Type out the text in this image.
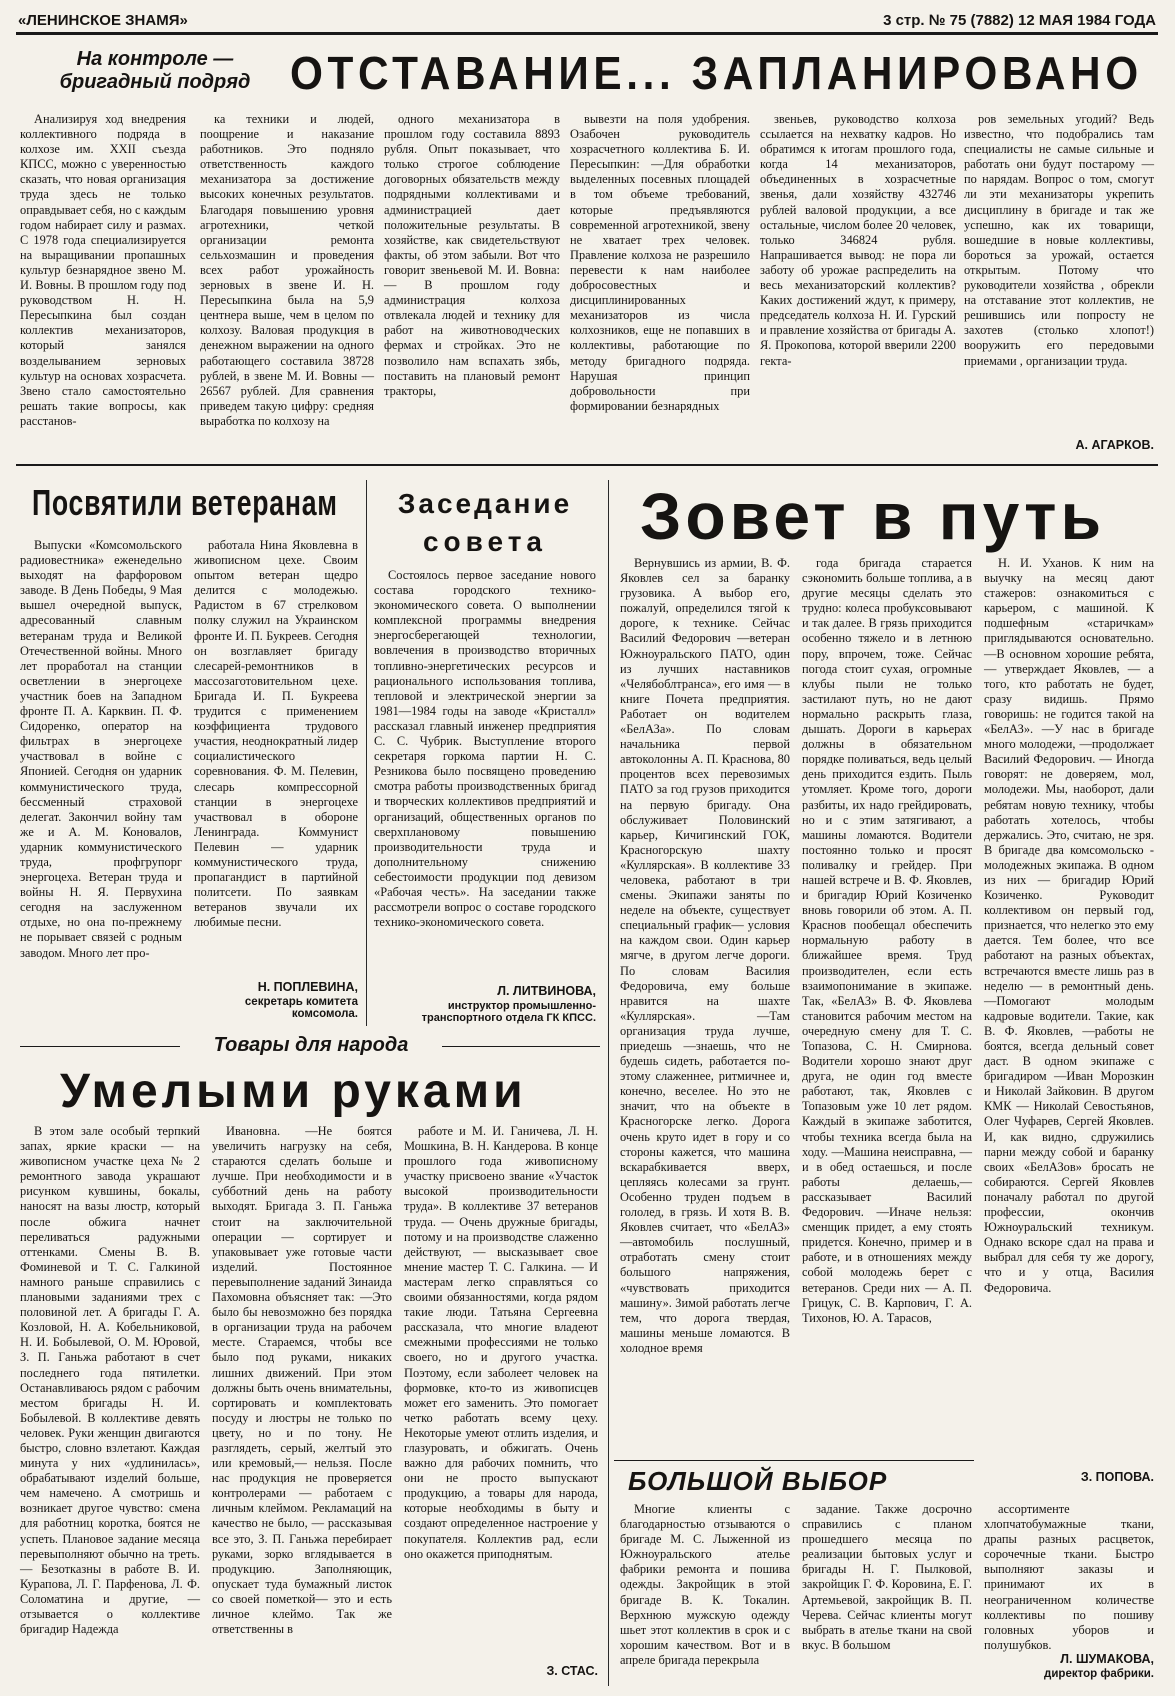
«ЛЕНИНСКОЕ ЗНАМЯ»	3 стр. № 75 (7882) 12 МАЯ 1984 ГОДА
На контроле — бригадный подряд ОТСТАВАНИЕ... ЗАПЛАНИРОВАНО

Анализируя ход внедрения коллективного подряда в колхозе им. XXII съезда КПСС, можно с уверенностью сказать, что новая организация труда здесь не только оправдывает себя, но с каждым годом набирает силу и размах. С 1978 года специализируется на выращивании пропашных культур безнарядное звено М. И. Вовны. В прошлом году под руководством Н. Н. Пересыпкина был создан коллектив механизаторов, который занялся возделыванием зерновых культур на основах хозрасчета. Звено стало самостоятельно решать такие вопросы, как расстанов-

ка техники и людей, поощрение и наказание работников. Это подняло ответственность каждого механизатора за достижение высоких конечных результатов. Благодаря повышению уровня агротехники, четкой организации ремонта сельхозмашин и проведения всех работ урожайность зерновых в звене И. Н. Пересыпкина была на 5,9 центнера выше, чем в целом по колхозу. Валовая продукция в денежном выражении на одного работающего составила 38728 рублей, в звене М. И. Вовны —26567 рублей. Для сравнения приведем такую цифру: средняя выработка по колхозу на

одного механизатора в прошлом году составила 8893 рубля. Опыт показывает, что только строгое соблюдение договорных обязательств между подрядными коллективами и администрацией дает положительные результаты. В хозяйстве, как свидетельствуют факты, об этом забыли. Вот что говорит звеньевой М. И. Вовна: — В прошлом году администрация колхоза отвлекала людей и технику для работ на животноводческих фермах и стройках. Это не позволило нам вспахать зябь, поставить на плановый ремонт тракторы,

вывезти на поля удобрения. Озабочен руководитель хозрасчетного коллектива Б. И. Пересыпкин: —Для обработки выделенных посевных площадей в том объеме требований, которые предъявляются современной агротехникой, звену не хватает трех человек. Правление колхоза не разрешило перевести к нам наиболее добросовестных и дисциплинированных механизаторов из числа колхозников, еще не попавших в коллективы, работающие по методу бригадного подряда. Нарушая принцип добровольности при формировании безнарядных

звеньев, руководство колхоза ссылается на нехватку кадров. Но обратимся к итогам прошлого года, когда 14 механизаторов, объединенных в хозрасчетные звенья, дали хозяйству 432746 рублей валовой продукции, а все остальные, числом более 20 человек, только 346824 рубля. Напрашивается вывод: не пора ли заботу об урожае распределить на весь механизаторский коллектив? Каких достижений ждут, к примеру, председатель колхоза Н. И. Гурский и правление хозяйства от бригады А. Я. Прокопова, которой вверили 2200 гекта-

ров земельных угодий? Ведь известно, что подобрались там специалисты не самые сильные и работать они будут постарому — по нарядам. Вопрос о том, смогут ли эти механизаторы укрепить дисциплину в бригаде и так же успешно, как их товарищи, вошедшие в новые коллективы, бороться за урожай, остается открытым. Потому что руководители хозяйства , обрекли на отставание этот коллектив, не решившись или попросту не захотев (столько хлопот!) вооружить его передовыми приемами , организации труда.

А. АГАРКОВ.
Посвятили ветеранам

Выпуски «Комсомольского радиовестника» еженедельно выходят на фарфоровом заводе. В День Победы, 9 Мая вышел очередной выпуск, адресованный славным ветеранам труда и Великой Отечественной войны. Много лет проработал на станции осветлении в энергоцехе участник боев на Западном фронте П. А. Карквин. П. Ф. Сидоренко, оператор на фильтрах в энергоцехе участвовал в войне с Японией. Сегодня он ударник коммунистического труда, бессменный страховой делегат. Закончил войну там же и А. М. Коновалов, ударник коммунистического труда, профгрупорг энергоцеха. Ветеран труда и войны Н. Я. Первухина сегодня на заслуженном отдыхе, но она по-прежнему не порывает связей с родным заводом. Много лет про-

работала Нина Яковлевна в живописном цехе. Своим опытом ветеран щедро делится с молодежью. Радистом в 67 стрелковом полку служил на Украинском фронте И. П. Букреев. Сегодня он возглавляет бригаду слесарей-ремонтников в массозаготовительном цехе. Бригада И. П. Букреева трудится с применением коэффициента трудового участия, неоднократный лидер социалистического соревнования. Ф. М. Пелевин, слесарь компрессорной станции в энергоцехе участвовал в обороне Ленинграда. Коммунист Пелевин — ударник коммунистического труда, пропагандист в партийной политсети. По заявкам ветеранов звучали их любимые песни.

Н. ПОПЛЕВИНА,
секретарь комитета комсомола.
Заседание
совета

Состоялось первое заседание нового состава городского технико-экономического совета. О выполнении комплексной программы внедрения энергосберегающей технологии, вовлечения в производство вторичных топливно-энергетических ресурсов и рационального использования топлива, тепловой и электрической энергии за 1981—1984 годы на заводе «Кристалл» рассказал главный инженер предприятия С. С. Чубрик. Выступление второго секретаря горкома партии Н. С. Резникова было посвящено проведению смотра работы производственных бригад и творческих коллективов предприятий и организаций, общественных органов по сверхплановому повышению производительности труда и дополнительному снижению себестоимости продукции под девизом «Рабочая честь». На заседании также рассмотрели вопрос о составе городского технико-экономического совета.

Л. ЛИТВИНОВА,
инструктор промышленно-транспортного отдела ГК КПСС.
Зовет в путь

Вернувшись из армии, В. Ф. Яковлев сел за баранку грузовика. А выбор его, пожалуй, определился тягой к дороге, к технике. Сейчас Василий Федорович —ветеран Южноуральского ПАТО, один из лучших наставников «Челябоблтранса», его имя — в книге Почета предприятия. Работает он водителем «БелАЗа». По словам начальника первой автоколонны А. П. Краснова, 80 процентов всех перевозимых ПАТО за год грузов приходится на первую бригаду. Она обслуживает Половинский карьер, Кичигинский ГОК, Красногорскую шахту «Куллярская». В коллективе 33 человека, работают в три смены. Экипажи заняты по неделе на объекте, существует специальный график— условия на каждом свои. Один карьер мягче, в другом легче дороги. По словам Василия Федоровича, ему больше нравится на шахте «Куллярская». —Там организация труда лучше, приедешь —знаешь, что не будешь сидеть, работается по-этому слаженнее, ритмичнее и, конечно, веселее. Но это не значит, что на объекте в Красногорске легко. Дорога очень круто идет в гору и со стороны кажется, что машина вскарабкивается вверх, цепляясь колесами за грунт. Особенно труден подъем в гололед, в грязь. И хотя В. В. Яковлев считает, что «БелАЗ» —автомобиль послушный, отработать смену стоит большого напряжения, «чувствовать приходится машину». Зимой работать легче тем, что дорога твердая, машины меньше ломаются. В холодное время

года бригада старается сэкономить больше топлива, а в другие месяцы сделать это трудно: колеса пробуксовывают и так далее. В грязь приходится особенно тяжело и в летнюю пору, впрочем, тоже. Сейчас погода стоит сухая, огромные клубы пыли не только застилают путь, но не дают нормально раскрыть глаза, дышать. Дороги в карьерах должны в обязательном порядке поливаться, ведь целый день приходится ездить. Пыль утомляет. Кроме того, дороги разбиты, их надо грейдировать, но и с этим затягивают, а машины ломаются. Водители постоянно только и просят поливалку и грейдер. При нашей встрече и В. Ф. Яковлев, и бригадир Юрий Козиченко вновь говорили об этом. А. П. Краснов пообещал обеспечить нормальную работу в ближайшее время. Труд производителен, если есть взаимопонимание в экипаже. Так, «БелАЗ» В. Ф. Яковлева становится рабочим местом на очередную смену для Т. С. Топазова, С. Н. Смирнова. Водители хорошо знают друг друга, не один год вместе работают, так, Яковлев с Топазовым уже 10 лет рядом. Каждый в экипаже заботится, чтобы техника всегда была на ходу. —Машина неисправна, — и в обед остаешься, и после работы делаешь,— рассказывает Василий Федорович. —Иначе нельзя: сменщик придет, а ему стоять придется. Конечно, пример и в работе, и в отношениях между собой молодежь берет с ветеранов. Среди них — А. П. Грицук, С. В. Карпович, Г. А. Тихонов, Ю. А. Тарасов,

Н. И. Уханов. К ним на выучку на месяц дают стажеров: ознакомиться с карьером, с машиной. К подшефным «старичкам» приглядываются основательно. —В основном хорошие ребята, — утверждает Яковлев, — а того, кто работать не будет, сразу видишь. Прямо говоришь: не годится такой на «БелАЗ». —У нас в бригаде много молодежи, —продолжает Василий Федорович. — Иногда говорят: не доверяем, мол, молодежи. Мы, наоборот, дали ребятам новую технику, чтобы работать хотелось, чтобы держались. Это, считаю, не зря. В бригаде два комсомольско - молодежных экипажа. В одном из них — бригадир Юрий Козиченко. Руководит коллективом он первый год, признается, что нелегко это ему дается. Тем более, что все работают на разных объектах, встречаются вместе лишь раз в неделю — в ремонтный день. —Помогают молодым кадровые водители. Такие, как В. Ф. Яковлев, —работы не боятся, всегда дельный совет даст. В одном экипаже с бригадиром —Иван Морозкин и Николай Зайковин. В другом КМК — Николай Севостьянов, Олег Чуфарев, Сергей Яковлев. И, как видно, сдружились парни между собой и баранку своих «БелАЗов» бросать не собираются. Сергей Яковлев поначалу работал по другой профессии, окончив Южноуральский техникум. Однако вскоре сдал на права и выбрал для себя ту же дорогу, что и у отца, Василия Федоровича.

З. ПОПОВА.
Товары для народа
Умелыми руками

В этом зале особый терпкий запах, яркие краски — на живописном участке цеха № 2 ремонтного завода украшают рисунком кувшины, бокалы, наносят на вазы люстр, который после обжига начнет переливаться радужными оттенками. Смены В. В. Фоминевой и Т. С. Галкиной намного раньше справились с плановыми заданиями трех с половиной лет. А бригады Г. А. Козловой, Н. А. Кобельниковой, Н. И. Бобылевой, О. М. Юровой, З. П. Ганьжа работают в счет последнего года пятилетки. Останавливаюсь рядом с рабочим местом бригады Н. И. Бобылевой. В коллективе девять человек. Руки женщин двигаются быстро, словно взлетают. Каждая минута у них «удлинилась», обрабатывают изделий больше, чем намечено. А смотришь и возникает другое чувство: смена для работниц коротка, боятся не успеть. Плановое задание месяца перевыполняют обычно на треть. — Безотказны в работе В. И. Курапова, Л. Г. Парфенова, Л. Ф. Соломатина и другие, — отзывается о коллективе бригадир Надежда

Ивановна. —Не боятся увеличить нагрузку на себя, стараются сделать больше и лучше. При необходимости и в субботний день на работу выходят. Бригада З. П. Ганьжа стоит на заключительной операции — сортирует и упаковывает уже готовые части изделий. Постоянное перевыполнение заданий Зинаида Пахомовна объясняет так: —Это было бы невозможно без порядка в организации труда на рабочем месте. Стараемся, чтобы все было под руками, никаких лишних движений. При этом должны быть очень внимательны, сортировать и комплектовать посуду и люстры не только по цвету, но и по тону. Не разглядеть, серый, желтый это или кремовый,— нельзя. После нас продукция не проверяется контролерами — работаем с личным клеймом. Рекламаций на качество не было, — рассказывая все это, З. П. Ганьжа перебирает руками, зорко вглядывается в продукцию. Заполняющик, опускает туда бумажный листок со своей пометкой— это и есть личное клеймо. Так же ответственны в

работе и М. И. Ганичева, Л. Н. Мошкина, В. Н. Кандерова. В конце прошлого года живописному участку присвоено звание «Участок высокой производительности труда». В коллективе 37 ветеранов труда. — Очень дружные бригады, потому и на производстве слаженно действуют, — высказывает свое мнение мастер Т. С. Галкина. — И мастерам легко справляться со своими обязанностями, когда рядом такие люди. Татьяна Сергеевна рассказала, что многие владеют смежными профессиями не только своего, но и другого участка. Поэтому, если заболеет человек на формовке, кто-то из живописцев может его заменить. Это помогает четко работать всему цеху. Некоторые умеют отлить изделия, и глазуровать, и обжигать. Очень важно для рабочих помнить, что они не просто выпускают продукцию, а товары для народа, которые необходимы в быту и создают определенное настроение у покупателя. Коллектив рад, если оно окажется приподнятым.

З. СТАС.
БОЛЬШОЙ ВЫБОР

Многие клиенты с благодарностью отзываются о бригаде М. С. Лыженной из Южноуральского ателье фабрики ремонта и пошива одежды. Закройщик в этой бригаде В. К. Токалин. Верхнюю мужскую одежду шьет этот коллектив в срок и с хорошим качеством. Вот и в апреле бригада перекрыла

задание. Также досрочно справились с планом прошедшего месяца по реализации бытовых услуг и бригады Н. Г. Пылковой, закройщик Г. Ф. Коровина, Е. Г. Артемьевой, закройщик В. П. Черева. Сейчас клиенты могут выбрать в ателье ткани на свой вкус. В большом

ассортименте хлопчатобумажные ткани, драпы разных расцветок, сорочечные ткани. Быстро выполняют заказы и принимают их в неограниченном количестве коллективы по пошиву головных уборов и полушубков.

Л. ШУМАКОВА,
директор фабрики.
